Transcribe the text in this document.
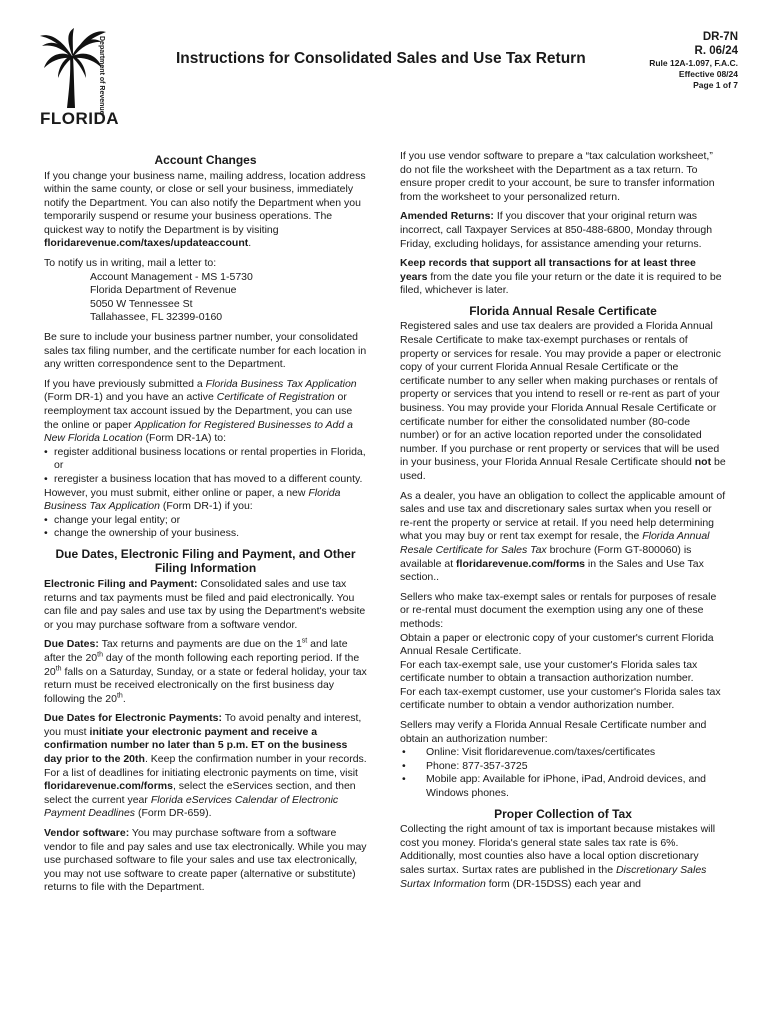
Department of Revenue
FLORIDA
Instructions for Consolidated Sales and Use Tax Return
DR-7N
R. 06/24
Rule 12A-1.097, F.A.C.
Effective 08/24
Page 1 of 7
Account Changes

If you change your business name, mailing address, location address within the same county, or close or sell your business, immediately notify the Department. You can also notify the Department when you temporarily suspend or resume your business operations. The quickest way to notify the Department is by visiting floridarevenue.com/taxes/updateaccount.

To notify us in writing, mail a letter to:

Account Management - MS 1-5730
Florida Department of Revenue
5050 W Tennessee St
Tallahassee, FL 32399-0160

Be sure to include your business partner number, your consolidated sales tax filing number, and the certificate number for each location in any written correspondence sent to the Department.

If you have previously submitted a Florida Business Tax Application (Form DR-1) and you have an active Certificate of Registration or reemployment tax account issued by the Department, you can use the online or paper Application for Registered Businesses to Add a New Florida Location (Form DR-1A) to:

• register additional business locations or rental properties in Florida, or
• reregister a business location that has moved to a different county.

However, you must submit, either online or paper, a new Florida Business Tax Application (Form DR-1) if you:

• change your legal entity; or
• change the ownership of your business.
Due Dates, Electronic Filing and Payment, and Other Filing Information

Electronic Filing and Payment: Consolidated sales and use tax returns and tax payments must be filed and paid electronically. You can file and pay sales and use tax by using the Department's website or you may purchase software from a software vendor.

Due Dates: Tax returns and payments are due on the 1st and late after the 20th day of the month following each reporting period. If the 20th falls on a Saturday, Sunday, or a state or federal holiday, your tax return must be received electronically on the first business day following the 20th.

Due Dates for Electronic Payments: To avoid penalty and interest, you must initiate your electronic payment and receive a confirmation number no later than 5 p.m. ET on the business day prior to the 20th. Keep the confirmation number in your records. For a list of deadlines for initiating electronic payments on time, visit floridarevenue.com/forms, select the eServices section, and then select the current year Florida eServices Calendar of Electronic Payment Deadlines (Form DR-659).

Vendor software: You may purchase software from a software vendor to file and pay sales and use tax electronically. While you may use purchased software to file your sales and use tax electronically, you may not use software to create paper (alternative or substitute) returns to file with the Department.

If you use vendor software to prepare a “tax calculation worksheet,” do not file the worksheet with the Department as a tax return. To ensure proper credit to your account, be sure to transfer information from the worksheet to your personalized return.

Amended Returns: If you discover that your original return was incorrect, call Taxpayer Services at 850-488-6800, Monday through Friday, excluding holidays, for assistance amending your returns.

Keep records that support all transactions for at least three years from the date you file your return or the date it is required to be filed, whichever is later.

Florida Annual Resale Certificate

Registered sales and use tax dealers are provided a Florida Annual Resale Certificate to make tax-exempt purchases or rentals of property or services for resale. You may provide a paper or electronic copy of your current Florida Annual Resale Certificate or the certificate number to any seller when making purchases or rentals of property or services that you intend to resell or re-rent as part of your business. You may provide your Florida Annual Resale Certificate or certificate number for either the consolidated number (80-code number) or for an active location reported under the consolidated number. If you purchase or rent property or services that will be used in your business, your Florida Annual Resale Certificate should not be used.

As a dealer, you have an obligation to collect the applicable amount of sales and use tax and discretionary sales surtax when you resell or re-rent the property or service at retail. If you need help determining what you may buy or rent tax exempt for resale, the Florida Annual Resale Certificate for Sales Tax brochure (Form GT-800060) is available at floridarevenue.com/forms in the Sales and Use Tax section..

Sellers who make tax-exempt sales or rentals for purposes of resale or re-rental must document the exemption using any one of these methods:

Obtain a paper or electronic copy of your customer's current Florida Annual Resale Certificate.

For each tax-exempt sale, use your customer's Florida sales tax certificate number to obtain a transaction authorization number.

For each tax-exempt customer, use your customer's Florida sales tax certificate number to obtain a vendor authorization number.

Sellers may verify a Florida Annual Resale Certificate number and obtain an authorization number:

• Online: Visit floridarevenue.com/taxes/certificates
• Phone: 877-357-3725
• Mobile app: Available for iPhone, iPad, Android devices, and Windows phones.
Proper Collection of Tax

Collecting the right amount of tax is important because mistakes will cost you money. Florida's general state sales tax rate is 6%. Additionally, most counties also have a local option discretionary sales surtax. Surtax rates are published in the Discretionary Sales Surtax Information form (DR-15DSS) each year and
